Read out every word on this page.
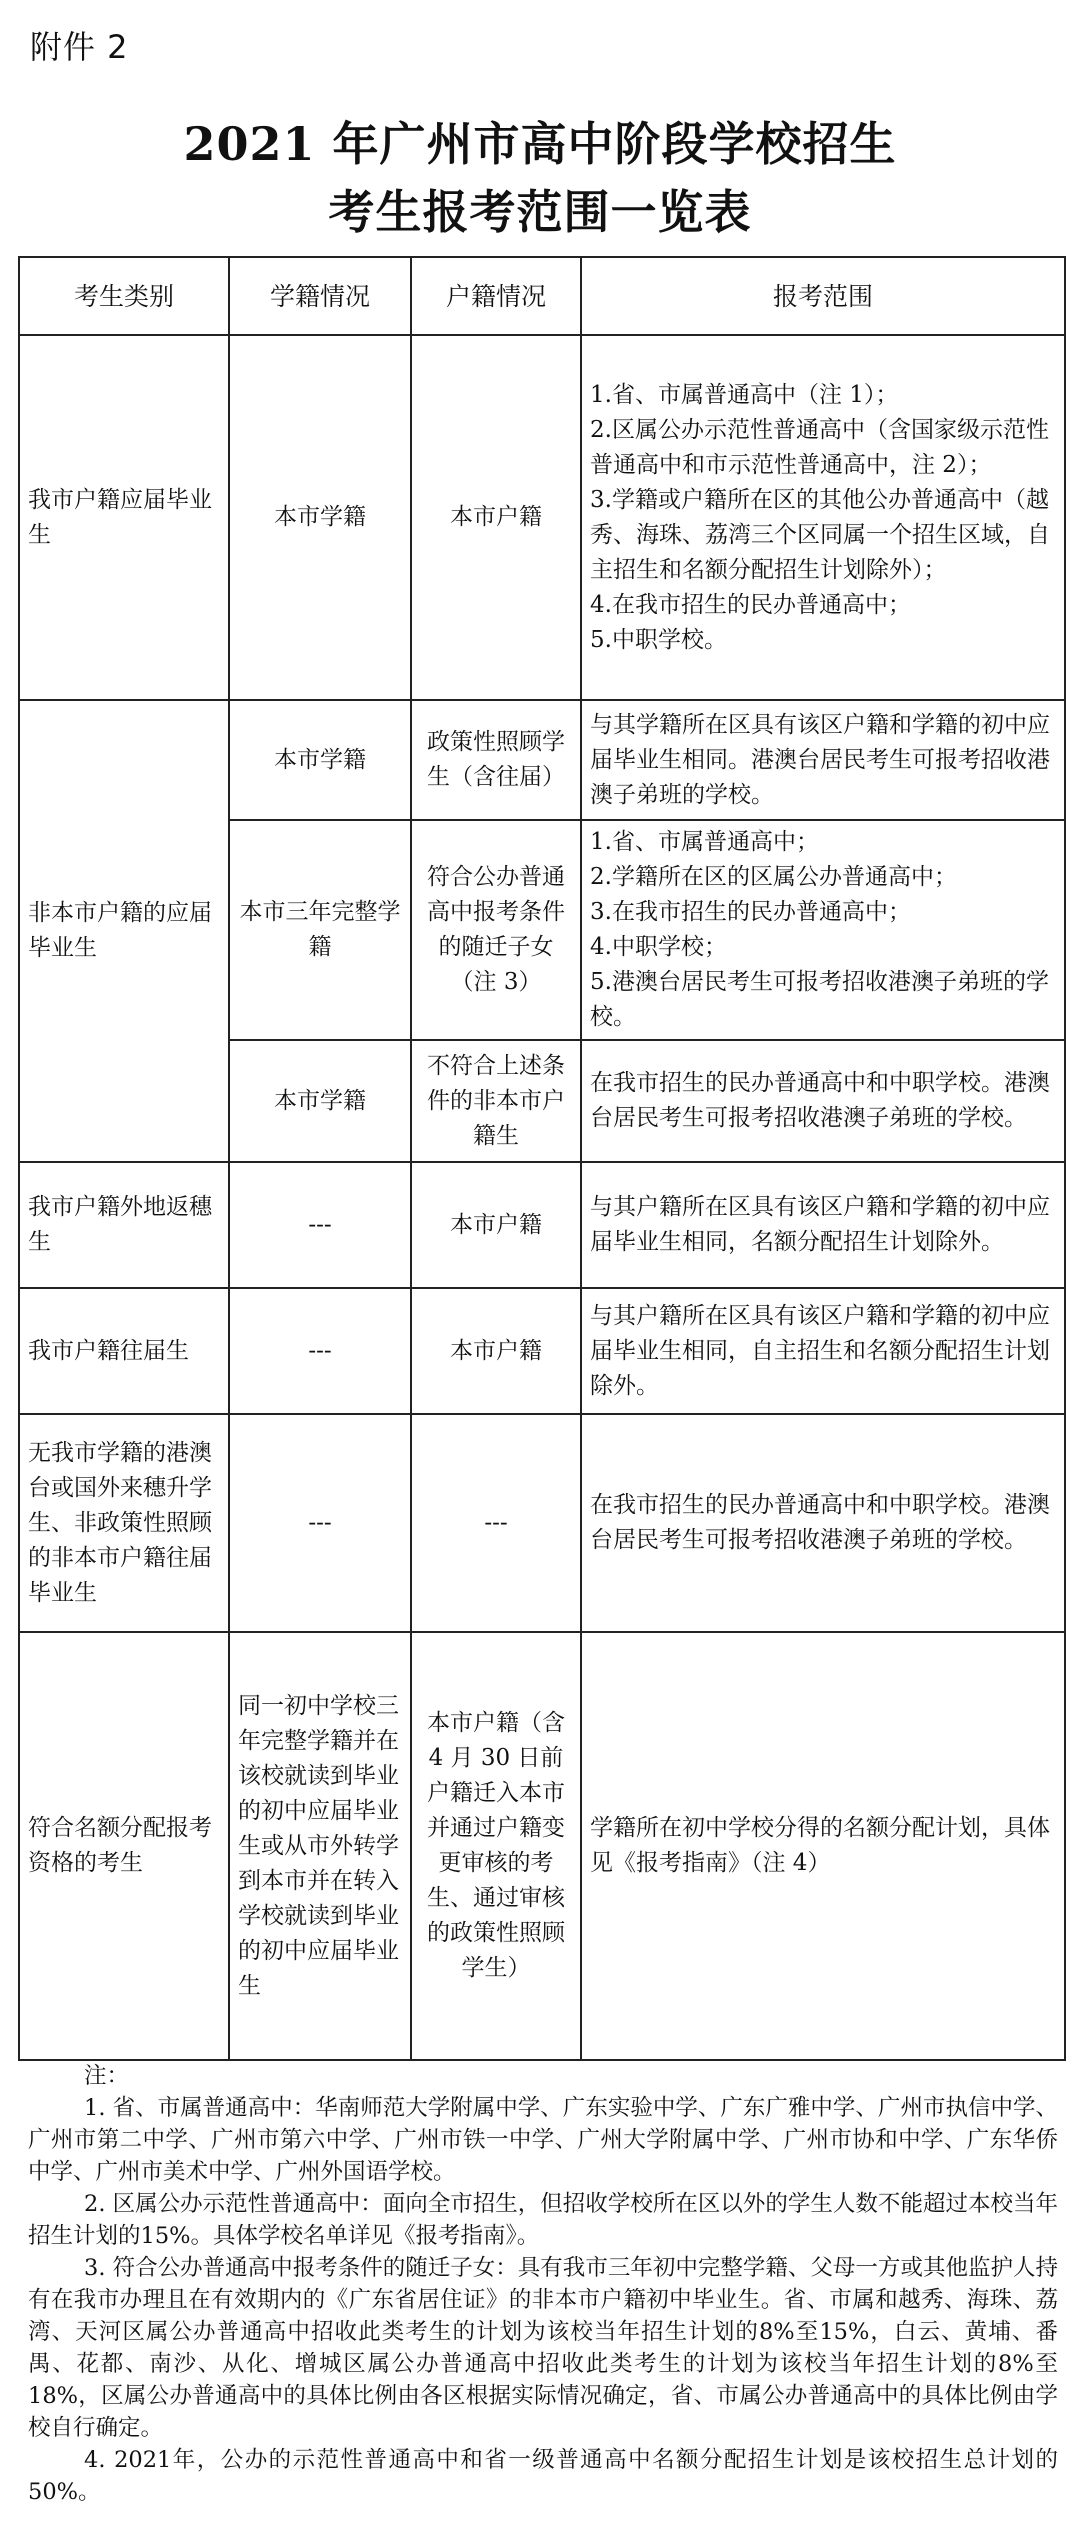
附件 2
2021 年广州市高中阶段学校招生
考生报考范围一览表
考生类别	学籍情况	户籍情况	报考范围
我市户籍应届毕业生	本市学籍	本市户籍	1.省、市属普通高中（注 1）；
2.区属公办示范性普通高中（含国家级示范性普通高中和市示范性普通高中，注 2）；
3.学籍或户籍所在区的其他公办普通高中（越秀、海珠、荔湾三个区同属一个招生区域，自主招生和名额分配招生计划除外）；
4.在我市招生的民办普通高中；
5.中职学校。

非本市户籍的应届毕业生	本市学籍	政策性照顾学生（含往届）	与其学籍所在区具有该区户籍和学籍的初中应届毕业生相同。港澳台居民考生可报考招收港澳子弟班的学校。
	本市三年完整学籍	符合公办普通高中报考条件的随迁子女（注 3）	1.省、市属普通高中；
2.学籍所在区的区属公办普通高中；
3.在我市招生的民办普通高中；
4.中职学校；
5.港澳台居民考生可报考招收港澳子弟班的学校。

	本市学籍	不符合上述条件的非本市户籍生	在我市招生的民办普通高中和中职学校。港澳台居民考生可报考招收港澳子弟班的学校。
我市户籍外地返穗生	---	本市户籍	与其户籍所在区具有该区户籍和学籍的初中应届毕业生相同，名额分配招生计划除外。
我市户籍往届生	---	本市户籍	与其户籍所在区具有该区户籍和学籍的初中应届毕业生相同，自主招生和名额分配招生计划除外。
无我市学籍的港澳台或国外来穗升学生、非政策性照顾的非本市户籍往届毕业生	---	---	在我市招生的民办普通高中和中职学校。港澳台居民考生可报考招收港澳子弟班的学校。
符合名额分配报考资格的考生	同一初中学校三年完整学籍并在该校就读到毕业的初中应届毕业生或从市外转学到本市并在转入学校就读到毕业的初中应届毕业生	本市户籍（含 4 月 30 日前户籍迁入本市并通过户籍变更审核的考生、通过审核的政策性照顾学生）	学籍所在初中学校分得的名额分配计划，具体见《报考指南》（注 4）

注：

1. 省、市属普通高中：华南师范大学附属中学、广东实验中学、广东广雅中学、广州市执信中学、广州市第二中学、广州市第六中学、广州市铁一中学、广州大学附属中学、广州市协和中学、广东华侨中学、广州市美术中学、广州外国语学校。

2. 区属公办示范性普通高中：面向全市招生，但招收学校所在区以外的学生人数不能超过本校当年招生计划的15%。具体学校名单详见《报考指南》。

3. 符合公办普通高中报考条件的随迁子女：具有我市三年初中完整学籍、父母一方或其他监护人持有在我市办理且在有效期内的《广东省居住证》的非本市户籍初中毕业生。省、市属和越秀、海珠、荔湾、天河区属公办普通高中招收此类考生的计划为该校当年招生计划的8%至15%，白云、黄埔、番禺、花都、南沙、从化、增城区属公办普通高中招收此类考生的计划为该校当年招生计划的8%至18%，区属公办普通高中的具体比例由各区根据实际情况确定，省、市属公办普通高中的具体比例由学校自行确定。

4. 2021年，公办的示范性普通高中和省一级普通高中名额分配招生计划是该校招生总计划的50%。
